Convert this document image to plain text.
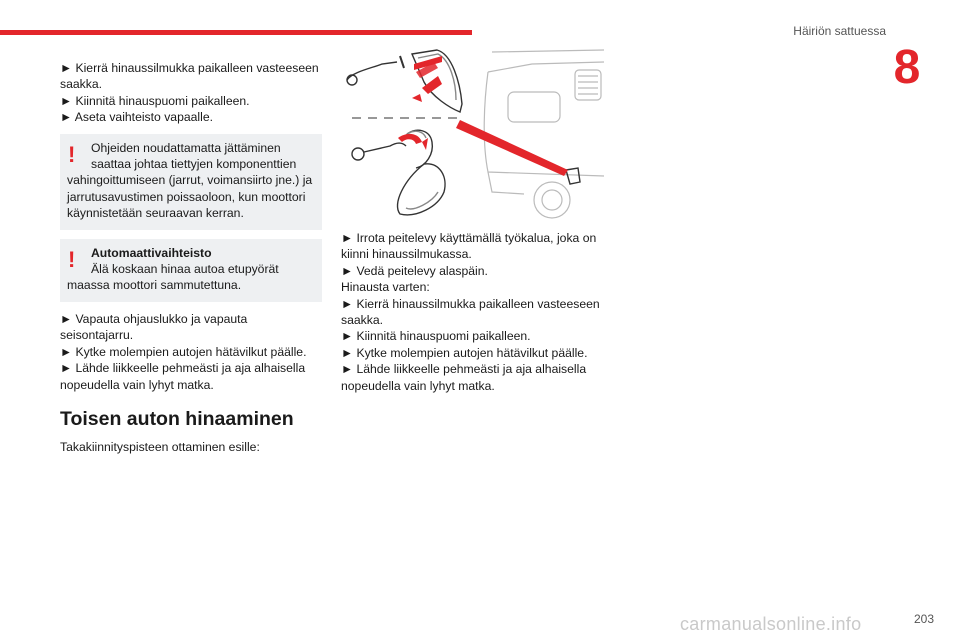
Häiriön sattuessa
8
► Kierrä hinaussilmukka paikalleen vasteeseen
saakka.
► Kiinnitä hinauspuomi paikalleen.
► Aseta vaihteisto vapaalle.
!	Ohjeiden noudattamatta jättäminen
saattaa johtaa tiettyjen komponenttien
vahingoittumiseen (jarrut, voimansiirto jne.) ja
jarrutusavustimen poissaoloon, kun moottori
käynnistetään seuraavan kerran.
!	Automaattivaihteisto
Älä koskaan hinaa autoa etupyörät
maassa moottori sammutettuna.
► Vapauta ohjauslukko ja vapauta
seisontajarru.
► Kytke molempien autojen hätävilkut päälle.
► Lähde liikkeelle pehmeästi ja aja alhaisella
nopeudella vain lyhyt matka.
Toisen auton hinaaminen
Takakiinnityspisteen ottaminen esille:
► Irrota peitelevy käyttämällä työkalua, joka on
kiinni hinaussilmukassa.
► Vedä peitelevy alaspäin.
Hinausta varten:
► Kierrä hinaussilmukka paikalleen vasteeseen
saakka.
► Kiinnitä hinauspuomi paikalleen.
► Kytke molempien autojen hätävilkut päälle.
► Lähde liikkeelle pehmeästi ja aja alhaisella
nopeudella vain lyhyt matka.
203
carmanualsonline.info
